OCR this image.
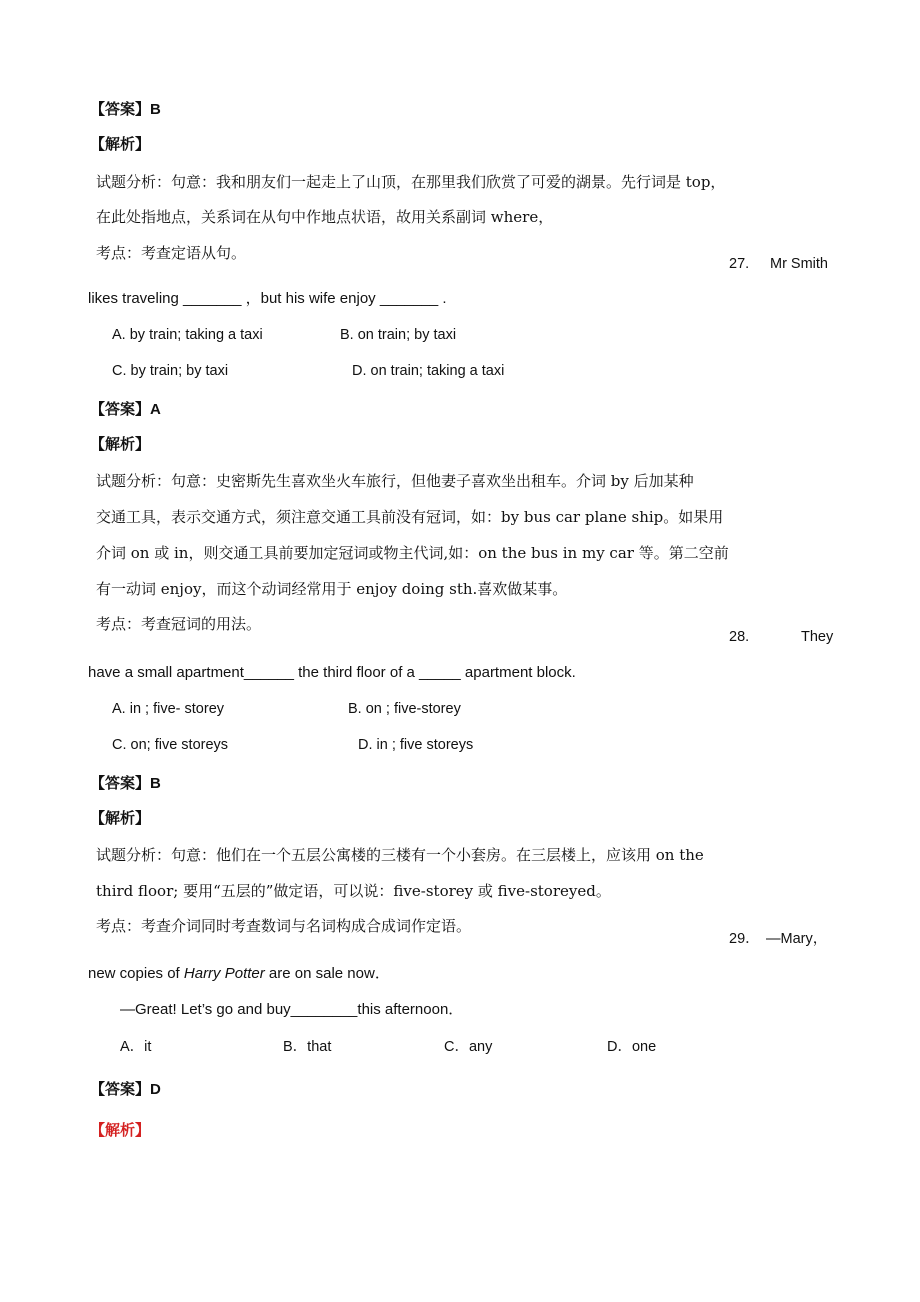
【答案】B
【解析】
试题分析：句意：我和朋友们一起走上了山顶，在那里我们欣赏了可爱的湖景。先行词是 top，
在此处指地点，关系词在从句中作地点状语，故用关系副词 where，
考点：考查定语从句。
27. Mr Smith
likes traveling _______ ，but his wife enjoy _______ .
A. by train; taking a taxi	B. on train; by taxi
C. by train; by taxi	D. on train; taking a taxi
【答案】A
【解析】
试题分析：句意：史密斯先生喜欢坐火车旅行，但他妻子喜欢坐出租车。介词 by 后加某种
交通工具，表示交通方式，须注意交通工具前没有冠词，如：by bus car plane ship。如果用
介词 on 或 in，则交通工具前要加定冠词或物主代词,如：on the bus in my car 等。第二空前
有一动词 enjoy，而这个动词经常用于 enjoy doing sth.喜欢做某事。
考点：考查冠词的用法。
28.	They
have a small apartment______ the third floor of a _____ apartment block.
A. in ; five- storey	B. on ; five-storey
C. on; five storeys	D. in ; five storeys
【答案】B
【解析】
试题分析：句意：他们在一个五层公寓楼的三楼有一个小套房。在三层楼上，应该用 on the
third floor; 要用“五层的”做定语，可以说：five-storey 或 five-storeyed。
考点：考查介词同时考查数词与名词构成合成词作定语。
29． —Mary，
new copies of Harry Potter are on sale now．
—Great! Let’s go and buy________this afternoon．
A．it	B．that	C．any	D．one
【答案】D
【解析】
